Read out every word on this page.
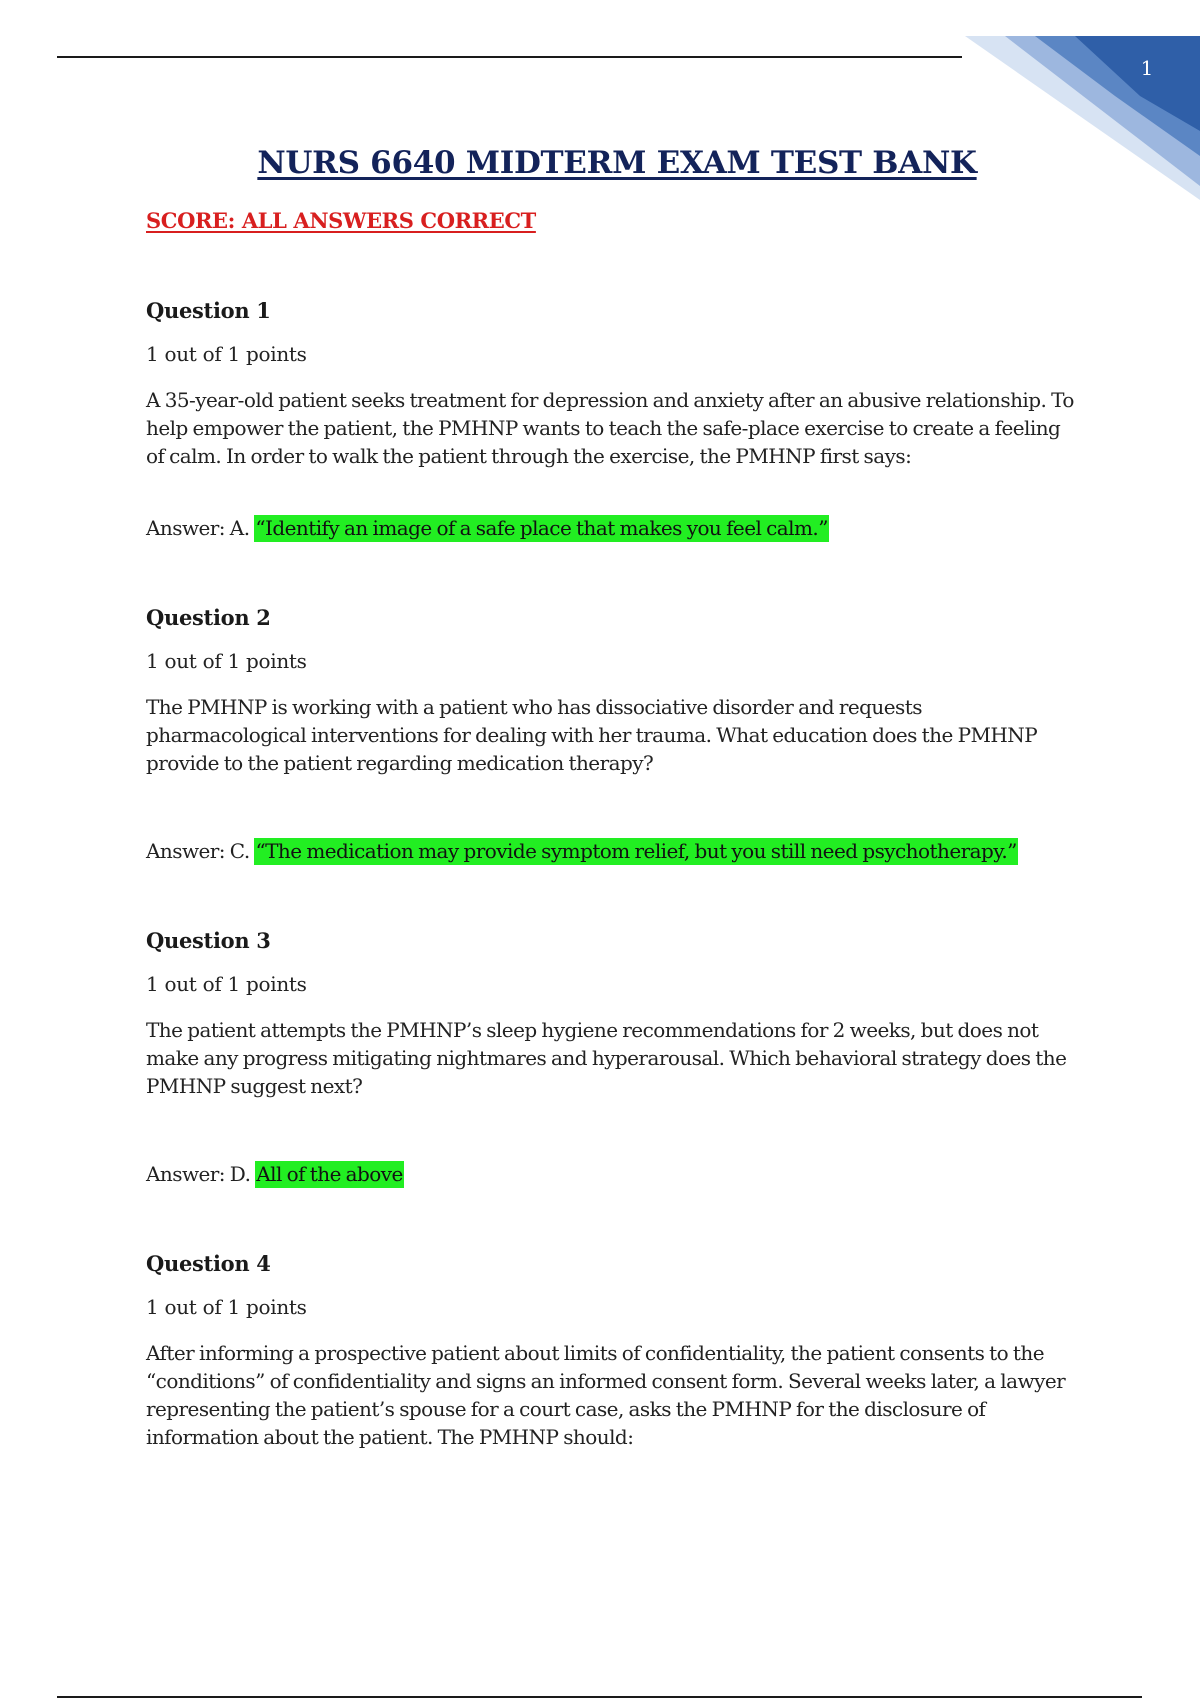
1
NURS 6640 MIDTERM EXAM TEST BANK
SCORE: ALL ANSWERS CORRECT

Question 1

1 out of 1 points

A 35-year-old patient seeks treatment for depression and anxiety after an abusive relationship. To help empower the patient, the PMHNP wants to teach the safe-place exercise to create a feeling of calm. In order to walk the patient through the exercise, the PMHNP first says:

Answer: A. “Identify an image of a safe place that makes you feel calm.”

Question 2

1 out of 1 points

The PMHNP is working with a patient who has dissociative disorder and requests pharmacological interventions for dealing with her trauma. What education does the PMHNP provide to the patient regarding medication therapy?

Answer: C. “The medication may provide symptom relief, but you still need psychotherapy.”

Question 3

1 out of 1 points

The patient attempts the PMHNP’s sleep hygiene recommendations for 2 weeks, but does not make any progress mitigating nightmares and hyperarousal. Which behavioral strategy does the PMHNP suggest next?

Answer: D. All of the above

Question 4

1 out of 1 points

After informing a prospective patient about limits of confidentiality, the patient consents to the “conditions” of confidentiality and signs an informed consent form. Several weeks later, a lawyer representing the patient’s spouse for a court case, asks the PMHNP for the disclosure of information about the patient. The PMHNP should:
